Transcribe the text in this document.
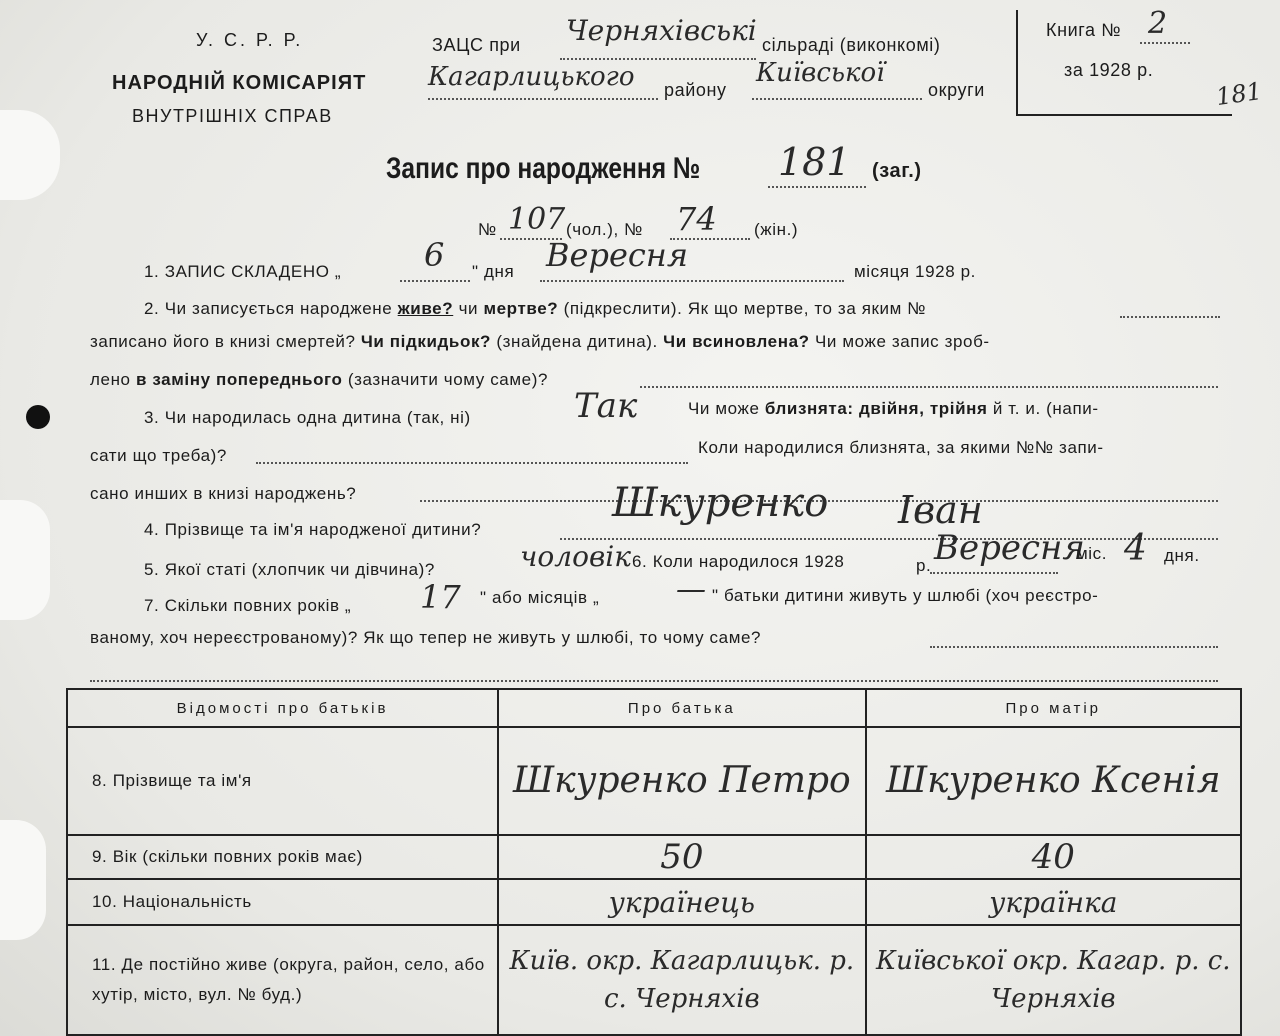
У. С. Р. Р.
НАРОДНІЙ КОМІСАРІЯТ
ВНУТРІШНІХ СПРАВ
ЗАЦС при Черняхівські сільраді (виконкомі)
Кагарлицького району
Київської
округи
Книга № 2
за 1928 р.
181
Запис про народження № 181 (заг.)
№ 107 (чол.), № 74 (жін.)
1. ЗАПИС СКЛАДЕНО „	6 " дня Вересня	місяця 1928 р.
2. Чи записується народжене живе? чи мертве? (підкреслити). Як що мертве, то за яким №
записано його в книзі смертей? Чи підкидьок? (знайдена дитина). Чи всиновлена? Чи може запис зроб-
лено в заміну попереднього (зазначити чому саме)?
3. Чи народилась одна дитина (так, ні)	Так	Чи може близнята: двійня, трійня й т. и. (напи-
сати що треба)?	Коли народилися близнята, за якими №№ запи-
сано инших в книзі народжень?
4. Прізвище та ім'я народженої дитини?
Шкуренко Іван
5. Якої статі (хлопчик чи дівчина)?	чоловік 6. Коли народилося 1928	р. Вересня
міс. 4 дня.
7. Скільки повних років „ 17 " або місяців „	— " батьки дитини живуть у шлюбі (хоч реєстро-
ваному, хоч нереєстрованому)? Як що тепер не живуть у шлюбі, то чому саме?
Відомості про батьків	Про батька	Про матір
8. Прізвище та ім'я	Шкуренко Петро	Шкуренко Ксенія
9. Вік (скільки повних років має)	50	40
10. Національність	українець	українка
11. Де постійно живе (округа, район, село, або хутір, місто, вул. № буд.)	Київ. окр. Кагарлицьк. р. с. Черняхів	Київської окр. Кагар. р. с. Черняхів
